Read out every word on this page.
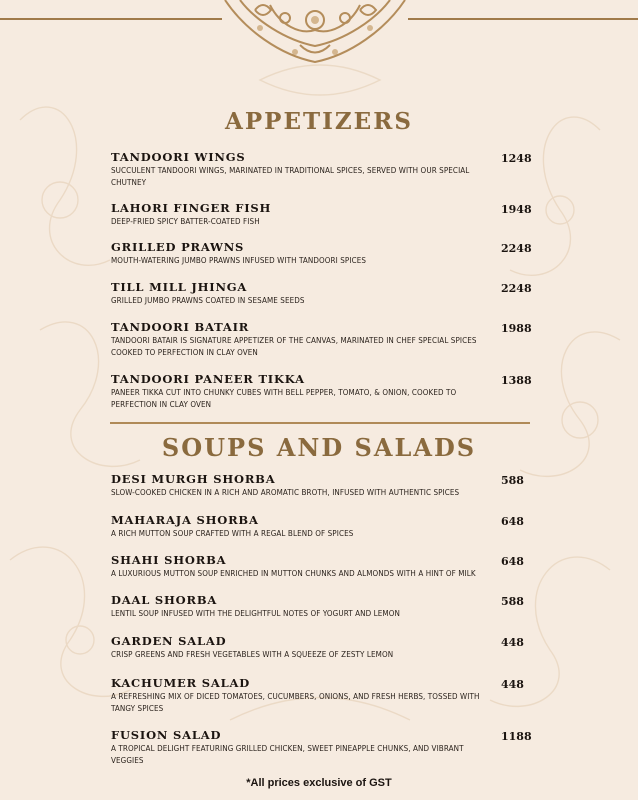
APPETIZERS
TANDOORI WINGS
SUCCULENT TANDOORI WINGS, MARINATED IN TRADITIONAL SPICES, SERVED WITH OUR SPECIAL CHUTNEY
1248
LAHORI FINGER FISH
DEEP-FRIED SPICY BATTER-COATED FISH
1948
GRILLED PRAWNS
MOUTH-WATERING JUMBO PRAWNS INFUSED WITH TANDOORI SPICES
2248
TILL MILL JHINGA
GRILLED JUMBO PRAWNS COATED IN SESAME SEEDS
2248
TANDOORI BATAIR
TANDOORI BATAIR IS SIGNATURE APPETIZER OF THE CANVAS, MARINATED IN CHEF SPECIAL SPICES COOKED TO PERFECTION IN CLAY OVEN
1988
TANDOORI PANEER TIKKA
PANEER TIKKA CUT INTO CHUNKY CUBES WITH BELL PEPPER, TOMATO, & ONION, COOKED TO PERFECTION IN CLAY OVEN
1388
SOUPS AND SALADS
DESI MURGH SHORBA
SLOW-COOKED CHICKEN IN A RICH AND AROMATIC BROTH, INFUSED WITH AUTHENTIC SPICES
588
MAHARAJA SHORBA
A RICH MUTTON SOUP CRAFTED WITH A REGAL BLEND OF SPICES
648
SHAHI SHORBA
A LUXURIOUS MUTTON SOUP ENRICHED IN MUTTON CHUNKS AND ALMONDS WITH A HINT OF MILK
648
DAAL SHORBA
LENTIL SOUP INFUSED WITH THE DELIGHTFUL NOTES OF YOGURT AND LEMON
588
GARDEN SALAD
CRISP GREENS AND FRESH VEGETABLES WITH A SQUEEZE OF ZESTY LEMON
448
KACHUMER SALAD
A REFRESHING MIX OF DICED TOMATOES, CUCUMBERS, ONIONS, AND FRESH HERBS, TOSSED WITH TANGY SPICES
448
FUSION SALAD
A TROPICAL DELIGHT FEATURING GRILLED CHICKEN, SWEET PINEAPPLE CHUNKS, AND VIBRANT VEGGIES
1188
*All prices exclusive of GST
